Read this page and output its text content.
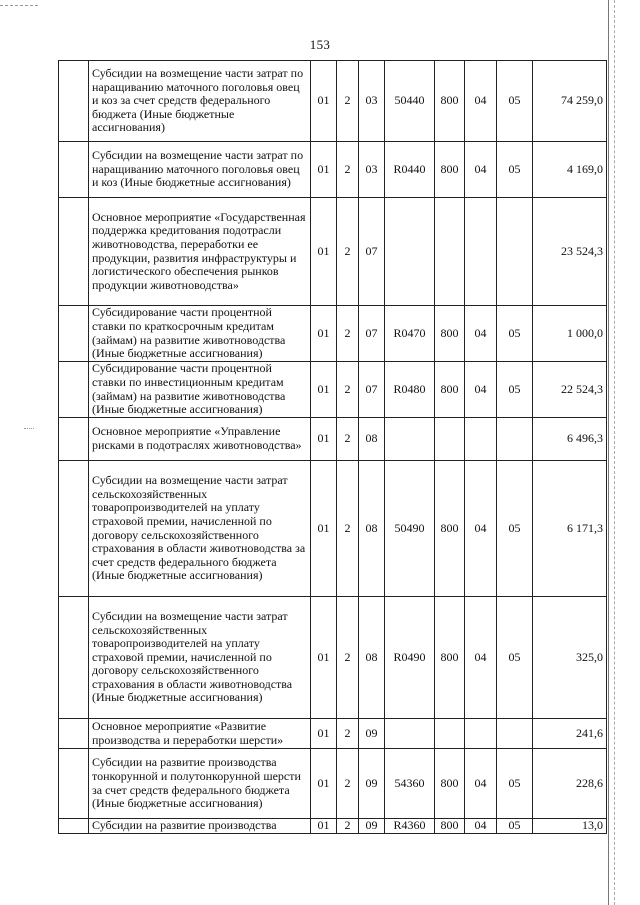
153
	Субсидии на возмещение части затрат по наращиванию маточного поголовья овец и коз за счет средств федерального бюджета (Иные бюджетные ассигнования)	01	2	03	50440	800	04	05	74 259,0
	Субсидии на возмещение части затрат по наращиванию маточного поголовья овец и коз (Иные бюджетные ассигнования)	01	2	03	R0440	800	04	05	4 169,0
	Основное мероприятие «Государственная поддержка кредитования подотрасли животноводства, переработки ее продукции, развития инфраструктуры и логистического обеспечения рынков продукции животноводства»	01	2	07					23 524,3
	Субсидирование части процентной ставки по краткосрочным кредитам (займам) на развитие животноводства (Иные бюджетные ассигнования)	01	2	07	R0470	800	04	05	1 000,0
	Субсидирование части процентной ставки по инвестиционным кредитам (займам) на развитие животноводства (Иные бюджетные ассигнования)	01	2	07	R0480	800	04	05	22 524,3
	Основное мероприятие «Управление рисками в подотраслях животноводства»	01	2	08					6 496,3
	Субсидии на возмещение части затрат сельскохозяйственных товаропроизводителей на уплату страховой премии, начисленной по договору сельскохозяйственного страхования в области животноводства за счет средств федерального бюджета (Иные бюджетные ассигнования)	01	2	08	50490	800	04	05	6 171,3
	Субсидии на возмещение части затрат сельскохозяйственных товаропроизводителей на уплату страховой премии, начисленной по договору сельскохозяйственного страхования в области животноводства (Иные бюджетные ассигнования)	01	2	08	R0490	800	04	05	325,0
	Основное мероприятие «Развитие производства и переработки шерсти»	01	2	09					241,6
	Субсидии на развитие производства тонкорунной и полутонкорунной шерсти за счет средств федерального бюджета (Иные бюджетные ассигнования)	01	2	09	54360	800	04	05	228,6
	Субсидии на развитие производства	01	2	09	R4360	800	04	05	13,0
